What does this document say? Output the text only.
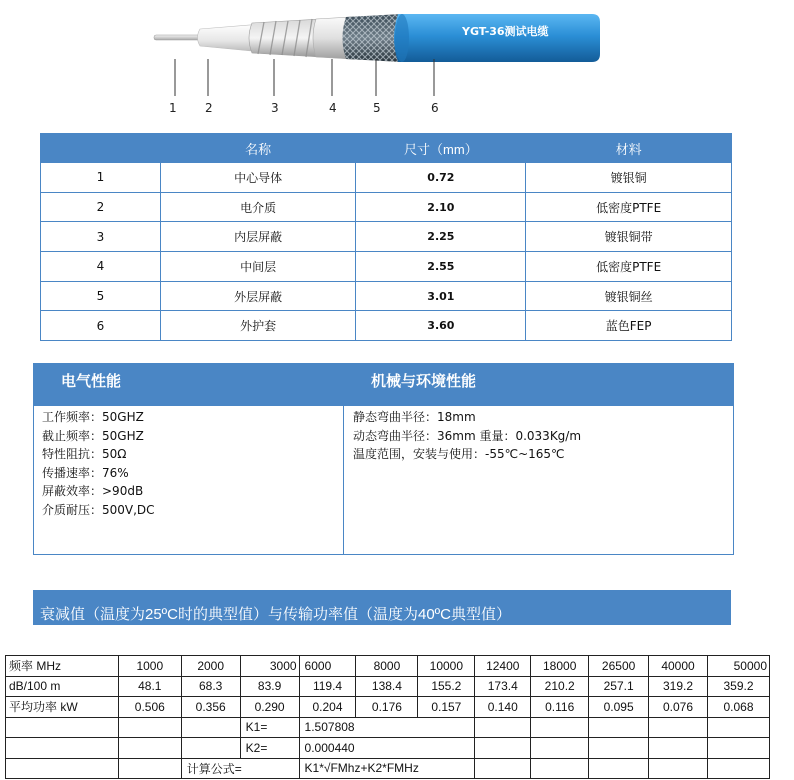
YGT-36测试电缆
1 2	3	4	5	6
	名称	尺寸（mm）	材料
1	中心导体	0.72	镀银铜
2	电介质	2.10	低密度PTFE
3	内层屏蔽	2.25	镀银铜带
4	中间层	2.55	低密度PTFE
5	外层屏蔽	3.01	镀银铜丝
6	外护套	3.60	蓝色FEP
电气性能	机械与环境性能
工作频率：50GHZ
截止频率：50GHZ
特性阻抗：50Ω
传播速率：76%
屏蔽效率：>90dB
介质耐压：500V,DC
静态弯曲半径：18mm
动态弯曲半径：36mm 重量：0.033Kg/m
温度范围，安装与使用：-55℃~165℃
衰减值（温度为25ºC时的典型值）与传输功率值（温度为40ºC典型值）
频率 MHz	1000	2000	3000	6000	8000	10000	12400	18000	26500	40000	50000
dB/100 m	48.1	68.3	83.9	119.4	138.4	155.2	173.4	210.2	257.1	319.2	359.2
平均功率 kW	0.506	0.356	0.290	0.204	0.176	0.157	0.140	0.116	0.095	0.076	0.068
			K1=	1.507808							
			K2=	0.000440							
		计算公式=		K1*√FMhz+K2*FMHz							
